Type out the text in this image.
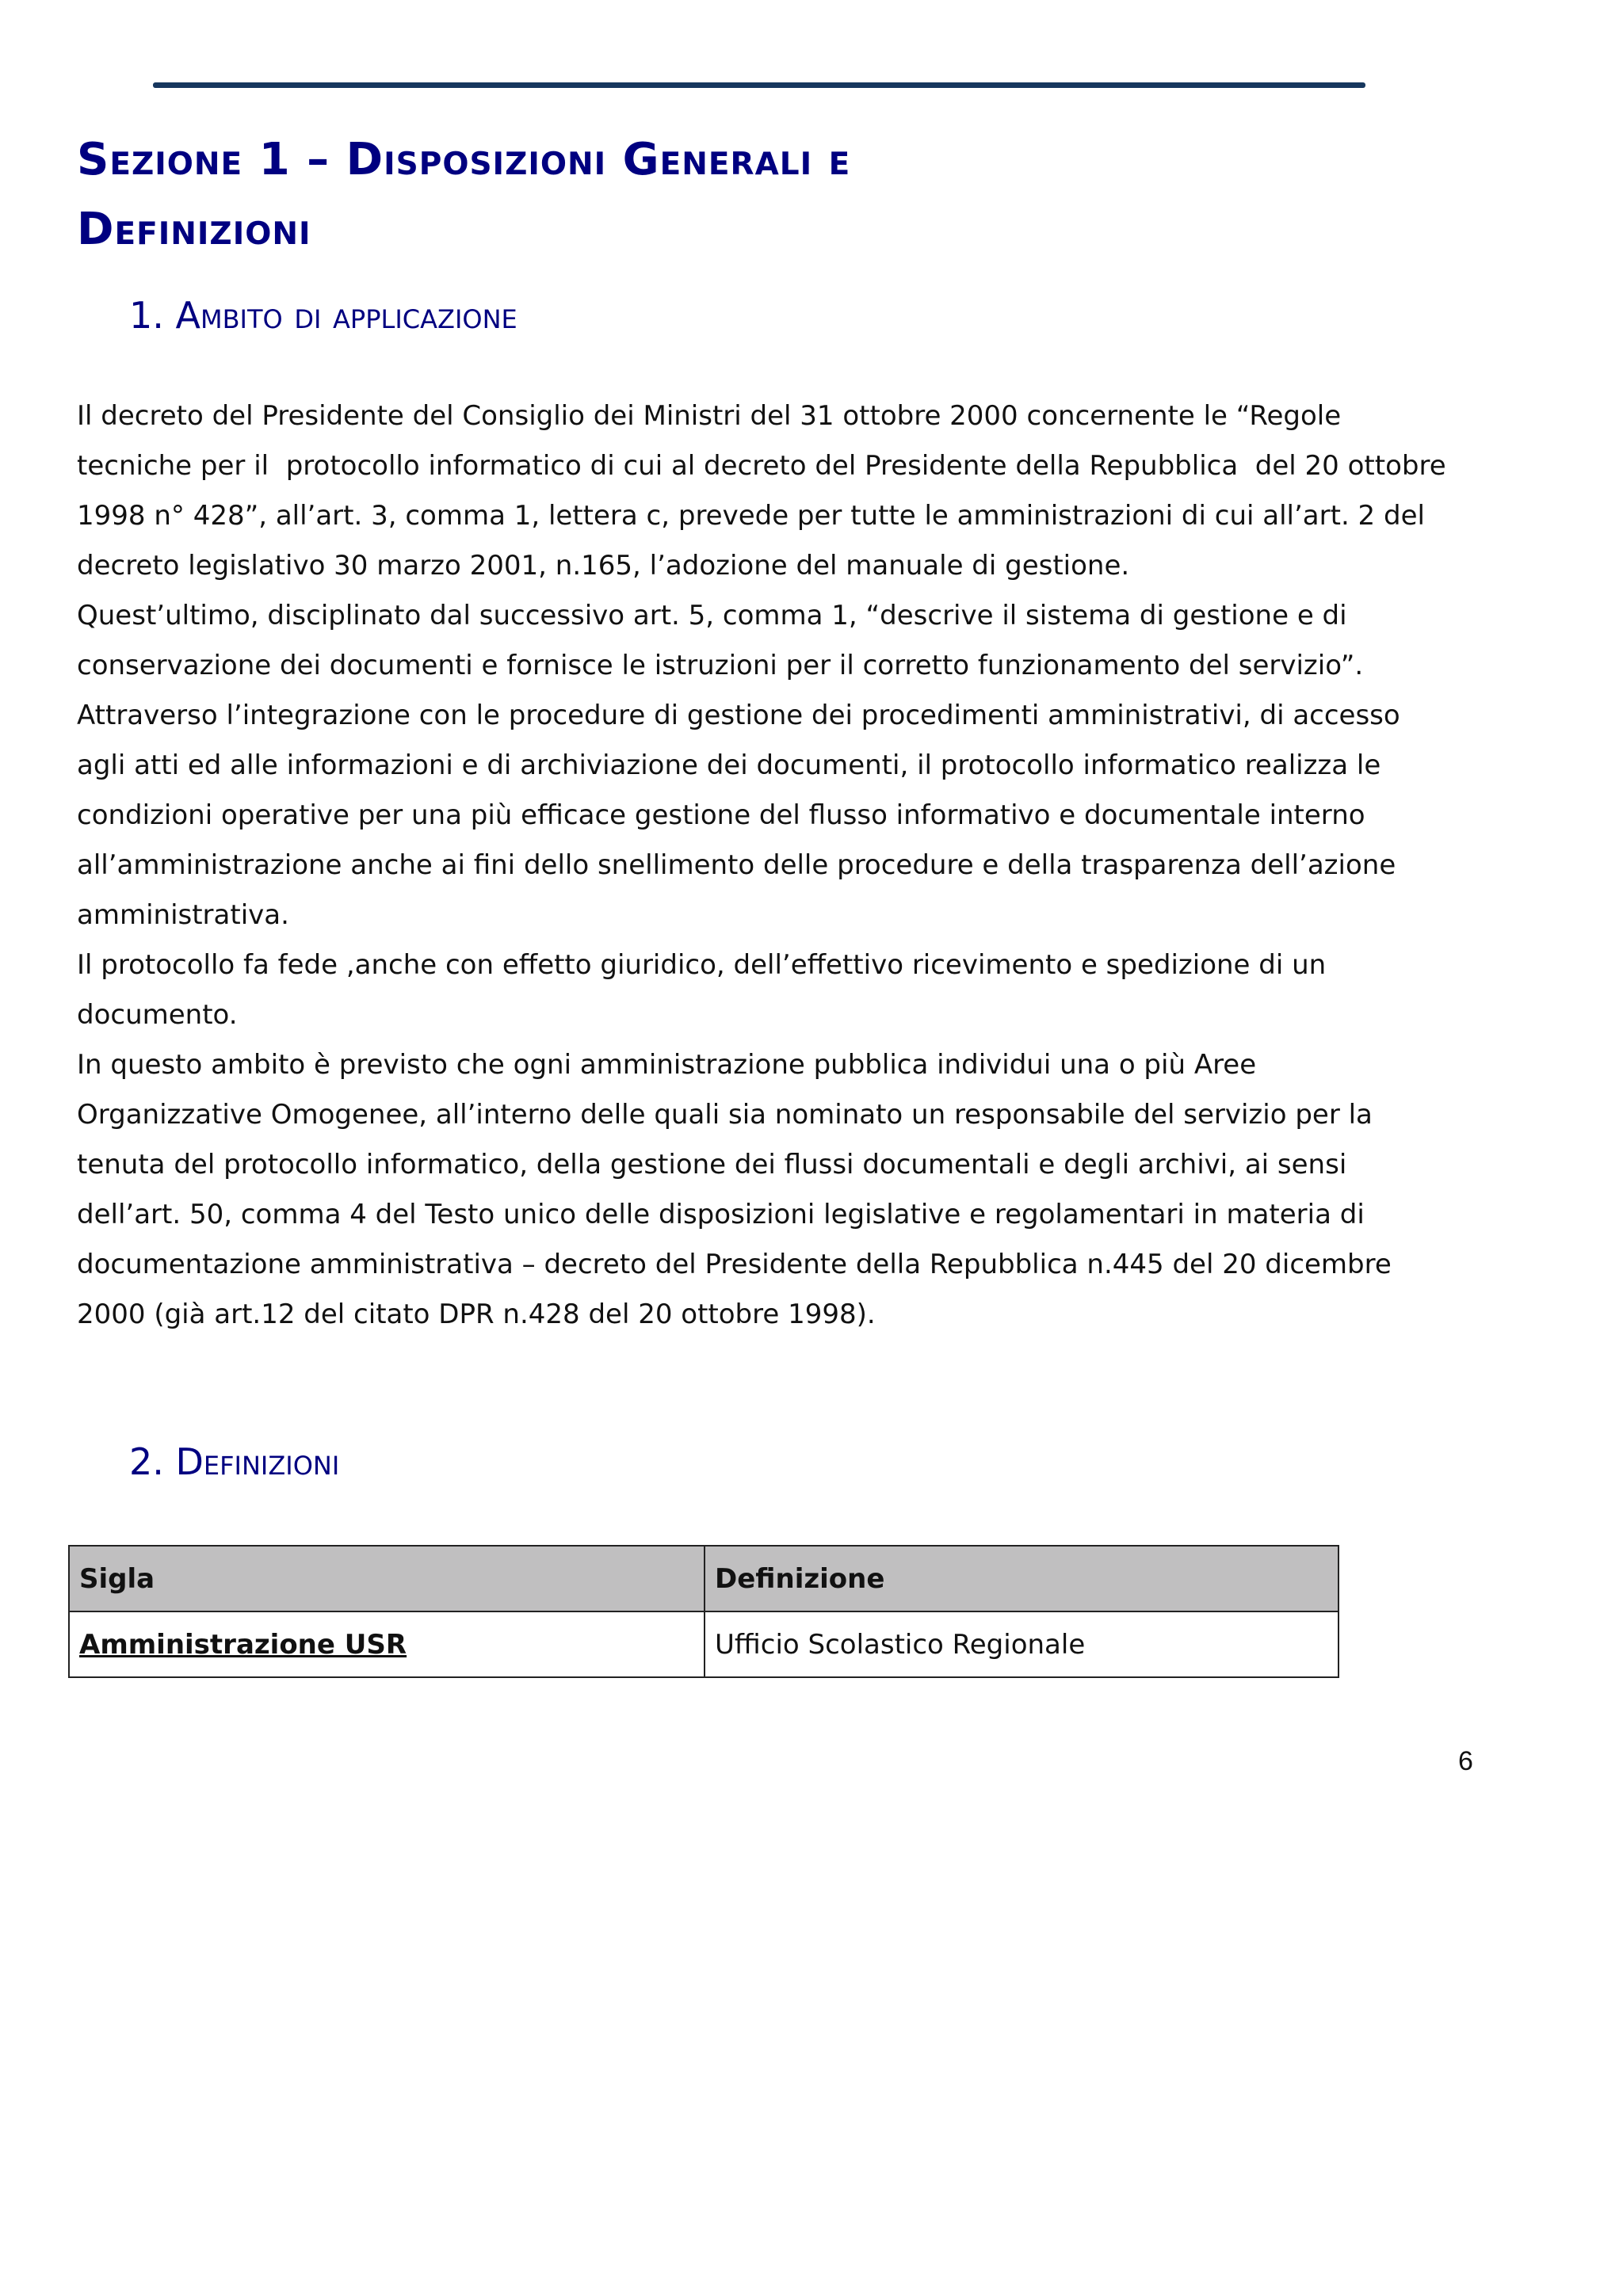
Sezione 1 – Disposizioni Generali e
Definizioni
1. Ambito di applicazione

Il decreto del Presidente del Consiglio dei Ministri del 31 ottobre 2000 concernente le “Regole

tecniche per il  protocollo informatico di cui al decreto del Presidente della Repubblica  del 20 ottobre

1998 n° 428”, all’art. 3, comma 1, lettera c, prevede per tutte le amministrazioni di cui all’art. 2 del

decreto legislativo 30 marzo 2001, n.165, l’adozione del manuale di gestione.

Quest’ultimo, disciplinato dal successivo art. 5, comma 1, “descrive il sistema di gestione e di

conservazione dei documenti e fornisce le istruzioni per il corretto funzionamento del servizio”.

Attraverso l’integrazione con le procedure di gestione dei procedimenti amministrativi, di accesso

agli atti ed alle informazioni e di archiviazione dei documenti, il protocollo informatico realizza le

condizioni operative per una più efficace gestione del flusso informativo e documentale interno

all’amministrazione anche ai fini dello snellimento delle procedure e della trasparenza dell’azione

amministrativa.

Il protocollo fa fede ,anche con effetto giuridico, dell’effettivo ricevimento e spedizione di un

documento.

In questo ambito è previsto che ogni amministrazione pubblica individui una o più Aree

Organizzative Omogenee, all’interno delle quali sia nominato un responsabile del servizio per la

tenuta del protocollo informatico, della gestione dei flussi documentali e degli archivi, ai sensi

dell’art. 50, comma 4 del Testo unico delle disposizioni legislative e regolamentari in materia di

documentazione amministrativa – decreto del Presidente della Repubblica n.445 del 20 dicembre

2000 (già art.12 del citato DPR n.428 del 20 ottobre 1998).

2. Definizioni
Sigla	Definizione
Amministrazione USR	Ufficio Scolastico Regionale
6
